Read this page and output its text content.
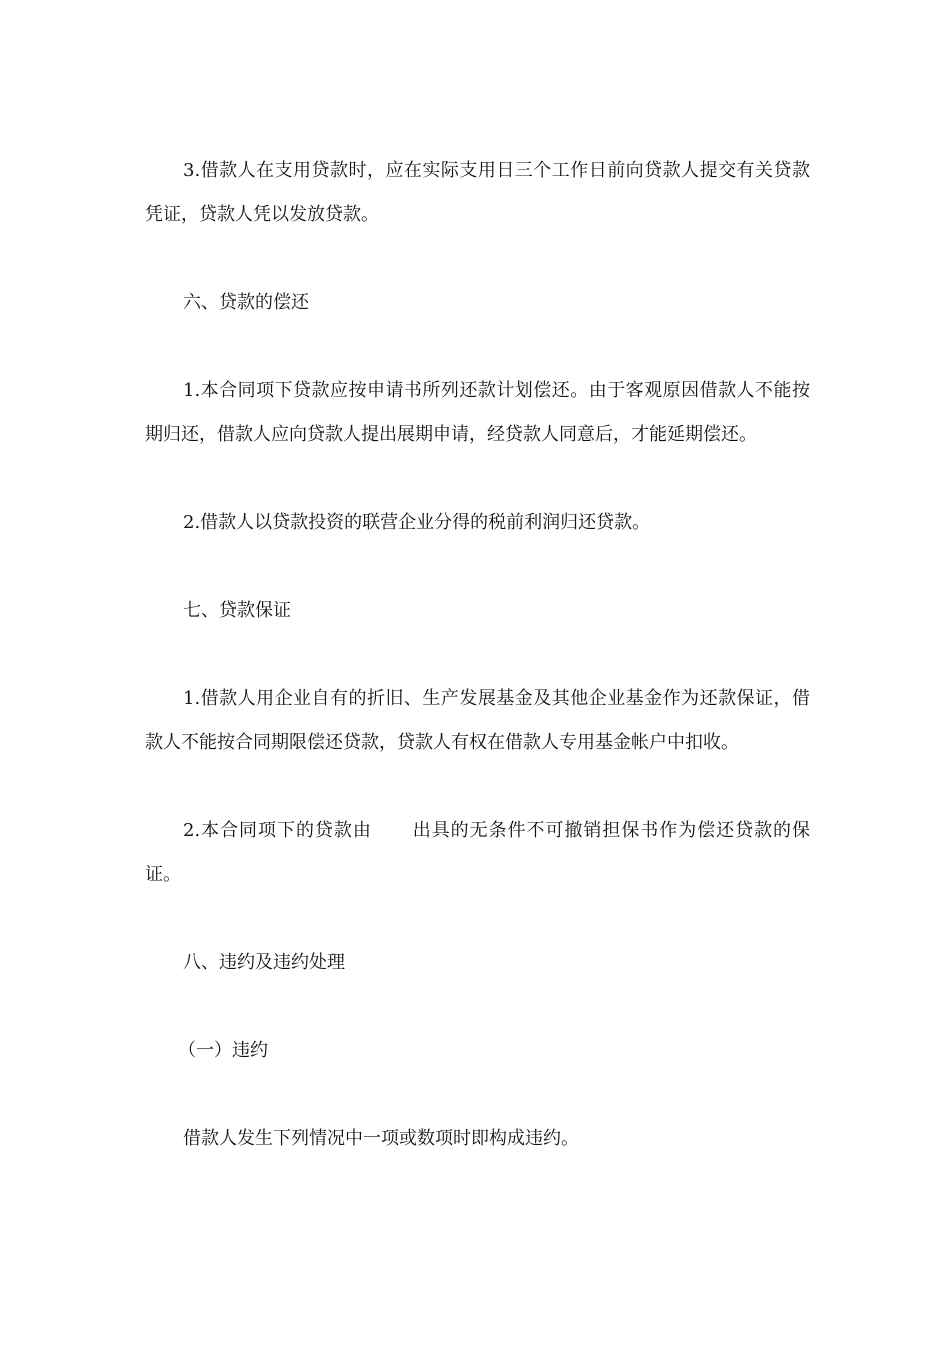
3.借款人在支用贷款时，应在实际支用日三个工作日前向贷款人提交有关贷款凭证，贷款人凭以发放贷款。

六、贷款的偿还

1.本合同项下贷款应按申请书所列还款计划偿还。由于客观原因借款人不能按期归还，借款人应向贷款人提出展期申请，经贷款人同意后，才能延期偿还。

2.借款人以贷款投资的联营企业分得的税前利润归还贷款。

七、贷款保证

1.借款人用企业自有的折旧、生产发展基金及其他企业基金作为还款保证，借款人不能按合同期限偿还贷款，贷款人有权在借款人专用基金帐户中扣收。

2.本合同项下的贷款由 出具的无条件不可撤销担保书作为偿还贷款的保证。

八、违约及违约处理

（一）违约

借款人发生下列情况中一项或数项时即构成违约。
